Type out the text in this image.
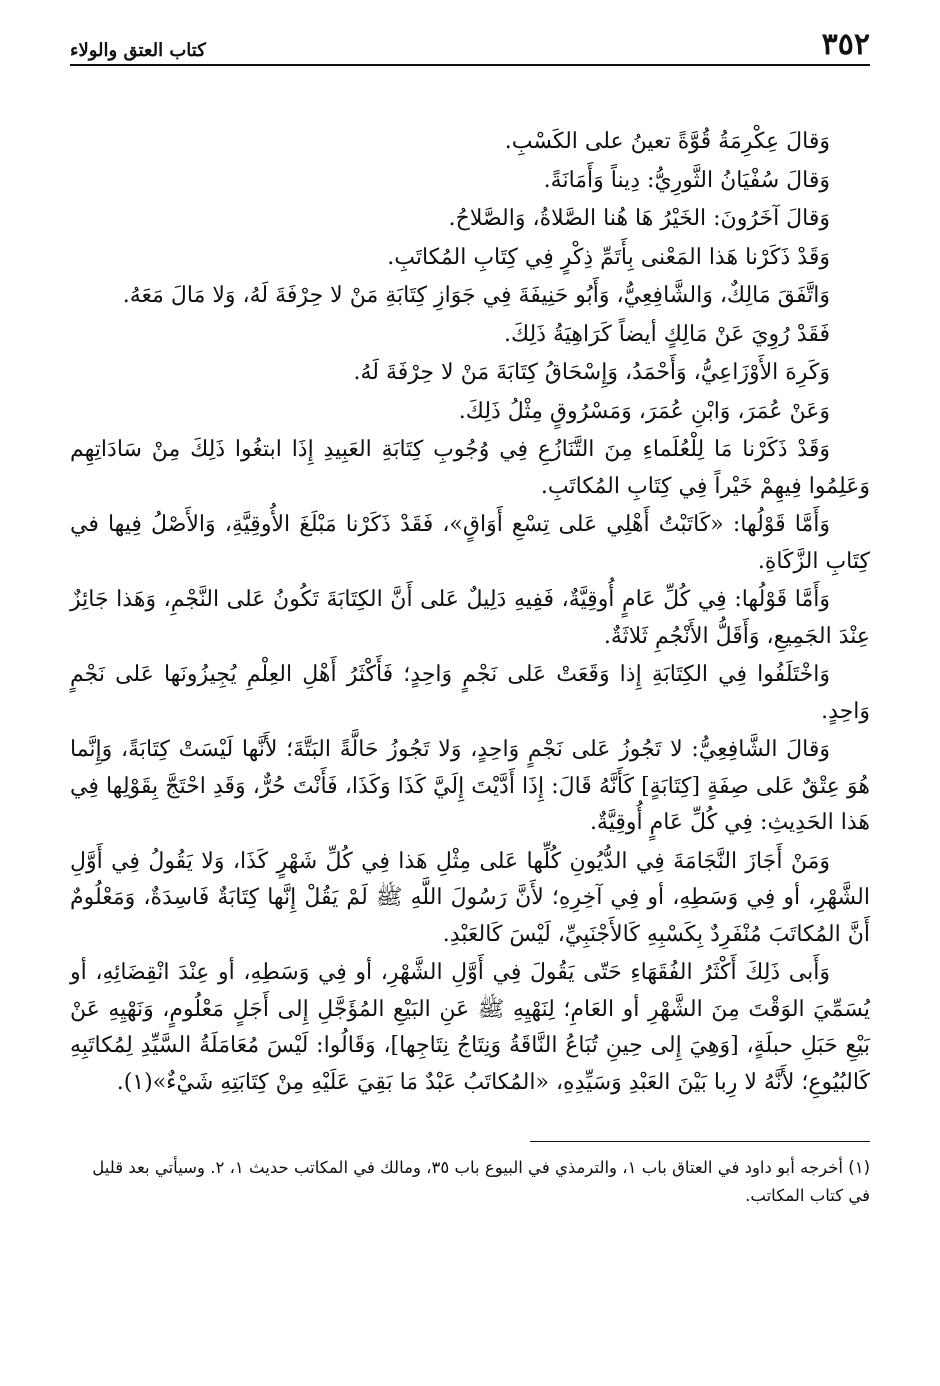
٣٥٢
كتاب العتق والولاء

وَقالَ عِكْرِمَةُ قُوَّةً تعينُ على الكَسْبِ.

وَقالَ سُفْيَانُ الثَّورِيُّ: دِيناً وَأَمَانَةً.

وَقالَ آخَرُونَ: الخَيْرُ هَا هُنا الصَّلاةُ، وَالصَّلاحُ.

وَقَدْ ذَكَرْنا هَذا المَعْنى بِأَتَمِّ ذِكْرٍ فِي كِتَابِ المُكاتَبِ.

وَاتَّفَقَ مَالِكٌ، وَالشَّافِعِيُّ، وَأَبُو حَنِيفَةَ فِي جَوَازِ كِتَابَةِ مَنْ لا حِرْفَةَ لَهُ، وَلا مَالَ مَعَهُ.

فَقَدْ رُوِيَ عَنْ مَالِكٍ أيضاً كَرَاهِيَةُ ذَلِكَ.

وَكَرِهَ الأَوْزَاعِيُّ، وَأَحْمَدُ، وَإِسْحَاقُ كِتَابَةَ مَنْ لا حِرْفَةَ لَهُ.

وَعَنْ عُمَرَ، وَابْنِ عُمَرَ، وَمَسْرُوقٍ مِثْلُ ذَلِكَ.

وَقَدْ ذَكَرْنا مَا لِلْعُلَماءِ مِنَ التَّنَازُعِ فِي وُجُوبِ كِتَابَةِ العَبِيدِ إِذَا ابتغُوا ذَلِكَ مِنْ سَادَاتِهِم وَعَلِمُوا فِيهِمْ خَيْراً فِي كِتَابِ المُكاتَبِ.

وَأَمَّا قَوْلُها: «كَاتَبْتُ أَهْلِي عَلى تِسْعِ أَوَاقٍ»، فَقَدْ ذَكَرْنا مَبْلَغَ الأُوقِيَّةِ، وَالأَصْلُ فِيها في كِتَابِ الزَّكَاةِ.

وَأَمَّا قَوْلُها: فِي كُلِّ عَامٍ أُوقِيَّةٌ، فَفِيهِ دَلِيلٌ عَلى أَنَّ الكِتَابَةَ تَكُونُ عَلى النَّجْمِ، وَهَذا جَائِزٌ عِنْدَ الجَمِيعِ، وَأَقَلُّ الأَنْجُمِ ثَلاثَةٌ.

وَاخْتَلَفُوا فِي الكِتَابَةِ إِذا وَقَعَتْ عَلى نَجْمٍ وَاحِدٍ؛ فَأَكْثَرُ أَهْلِ العِلْمِ يُجِيزُونَها عَلى نَجْمٍ وَاحِدٍ.

وَقالَ الشَّافِعِيُّ: لا تَجُوزُ عَلى نَجْمٍ وَاحِدٍ، وَلا تَجُوزُ حَالَّةً البَتَّةَ؛ لأَنَّها لَيْسَتْ كِتَابَةً، وَإِنَّما هُوَ عِتْقٌ عَلى صِفَةٍ [كِتَابَةٍ] كَأَنَّهُ قَالَ: إِذَا أَدَّيْتَ إِلَيَّ كَذَا وَكَذَا، فَأَنْتَ حُرٌّ، وَقَدِ احْتَجَّ بِقَوْلِها فِي هَذا الحَدِيثِ: فِي كُلِّ عَامٍ أُوقِيَّةٌ.

وَمَنْ أَجَازَ النَّجَامَةَ فِي الدُّيُونِ كُلِّها عَلى مِثْلِ هَذا فِي كُلِّ شَهْرٍ كَذَا، وَلا يَقُولُ فِي أَوَّلِ الشَّهْرِ، أو فِي وَسَطِهِ، أو فِي آخِرِهِ؛ لأَنَّ رَسُولَ اللَّهِ ﷺ لَمْ يَقُلْ إِنَّها كِتَابَةٌ فَاسِدَةٌ، وَمَعْلُومٌ أَنَّ المُكاتَبَ مُنْفَرِدٌ بِكَسْبِهِ كَالأَجْنَبِيِّ، لَيْسَ كَالعَبْدِ.

وَأَبى ذَلِكَ أَكْثَرُ الفُقَهَاءِ حَتّى يَقُولَ فِي أَوَّلِ الشَّهْرِ، أو فِي وَسَطِهِ، أو عِنْدَ انْقِضَائِهِ، أو يُسَمِّيَ الوَقْتَ مِنَ الشَّهْرِ أو العَامِ؛ لِنَهْيِهِ ﷺ عَنِ البَيْعِ المُؤَجَّلِ إِلى أَجَلٍ مَعْلُومٍ، وَنَهْيِهِ عَنْ بَيْعِ حَبَلِ حبلَةٍ، [وَهِيَ إِلى حِينِ تُبَاعُ النَّاقَةُ وَنِتَاجُ نِتَاجِها]، وَقَالُوا: لَيْسَ مُعَامَلَةُ السَّيِّدِ لِمُكاتَبِهِ كَالبُيُوعِ؛ لأَنَّهُ لا رِبا بَيْنَ العَبْدِ وَسَيِّدِهِ، «المُكاتَبُ عَبْدٌ مَا بَقِيَ عَلَيْهِ مِنْ كِتَابَتِهِ شَيْءٌ»(١).

(١) أخرجه أبو داود في العتاق باب ١، والترمذي في البيوع باب ٣٥، ومالك في المكاتب حديث ١، ٢. وسيأتي بعد قليل في كتاب المكاتب.
